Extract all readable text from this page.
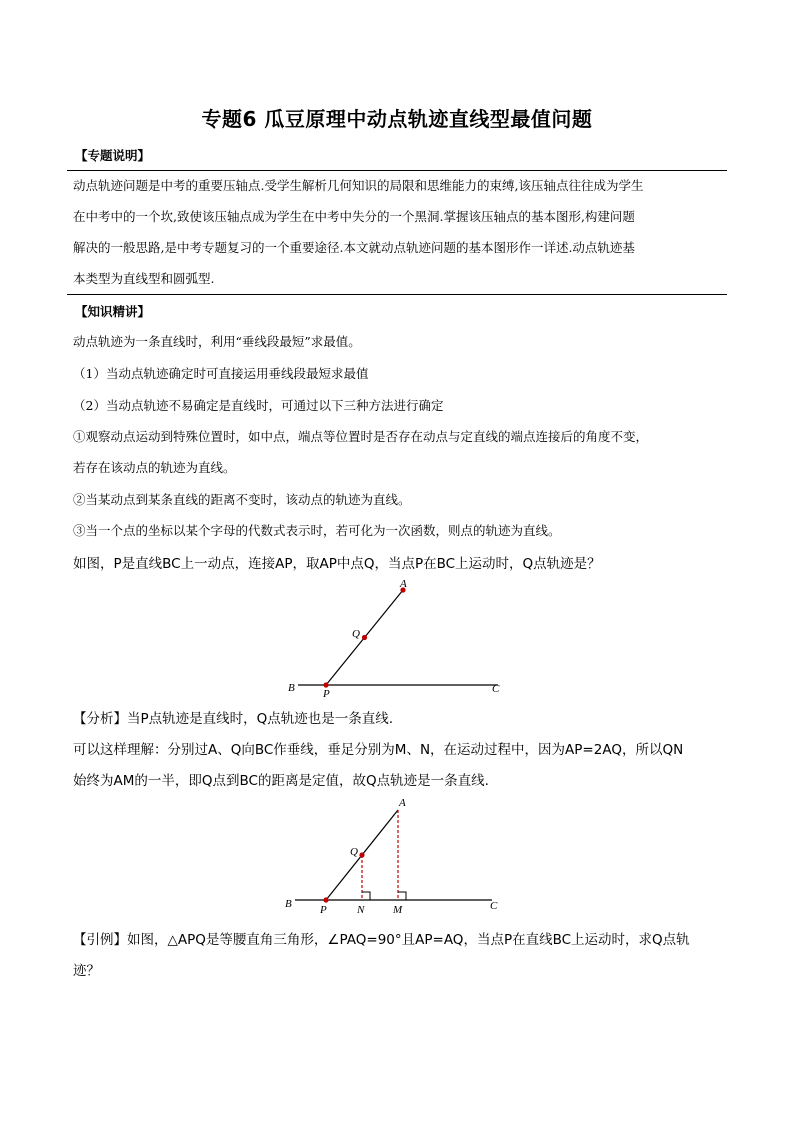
专题6 瓜豆原理中动点轨迹直线型最值问题
【专题说明】
动点轨迹问题是中考的重要压轴点.受学生解析几何知识的局限和思维能力的束缚,该压轴点往往成为学生
在中考中的一个坎,致使该压轴点成为学生在中考中失分的一个黑洞.掌握该压轴点的基本图形,构建问题
解决的一般思路,是中考专题复习的一个重要途径.本文就动点轨迹问题的基本图形作一详述.动点轨迹基
本类型为直线型和圆弧型.
【知识精讲】
动点轨迹为一条直线时，利用“垂线段最短”求最值。
（1）当动点轨迹确定时可直接运用垂线段最短求最值
（2）当动点轨迹不易确定是直线时，可通过以下三种方法进行确定
①观察动点运动到特殊位置时，如中点，端点等位置时是否存在动点与定直线的端点连接后的角度不变，
若存在该动点的轨迹为直线。
②当某动点到某条直线的距离不变时，该动点的轨迹为直线。
③当一个点的坐标以某个字母的代数式表示时，若可化为一次函数，则点的轨迹为直线。
如图，P是直线BC上一动点，连接AP，取AP中点Q，当点P在BC上运动时，Q点轨迹是？
A
Q
B	P	C
【分析】当P点轨迹是直线时，Q点轨迹也是一条直线.
可以这样理解：分别过A、Q向BC作垂线，垂足分别为M、N，在运动过程中，因为AP=2AQ，所以QN
始终为AM的一半，即Q点到BC的距离是定值，故Q点轨迹是一条直线.
A
Q
B	P	N	M	C
【引例】如图，△APQ是等腰直角三角形，∠PAQ=90°且AP=AQ，当点P在直线BC上运动时，求Q点轨
迹？
